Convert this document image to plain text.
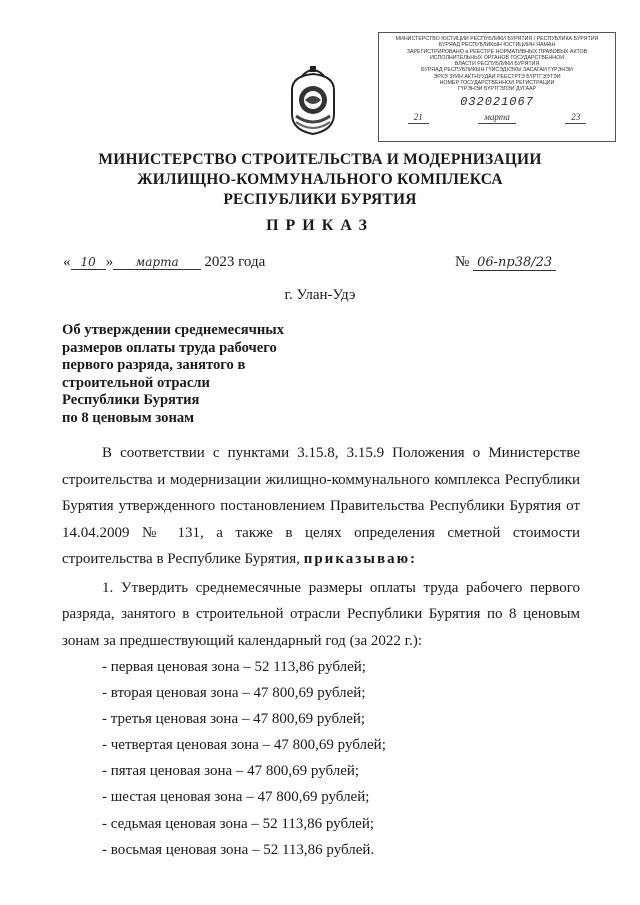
МИНИСТЕРСТВО ЮСТИЦИИ РЕСПУБЛИКИ БУРЯТИЯ / РЕСПУБЛИКА БУРЯТИЯ
БУРЯАД РЕСПУБЛИКЫН ЮСТИЦИИН ЯАМАН
ЗАРЕГИСТРИРОВАНО в РЕЕСТРЕ НОРМАТИВНЫХ ПРАВОВЫХ АКТОВ
ИСПОЛНИТЕЛЬНЫХ ОРГАНОВ ГОСУДАРСТВЕННОЙ
ВЛАСТИ РЕСПУБЛИКИ БУРЯТИЯ
БУРЯАД РЕСПУБЛИКЫН ГҮЙСЭДХЭХЫ ЗАСАГАЙ ГҮРЭНЭЙ
ЭРХЭ ЗҮЙН АКТНУУДАЙ РЕЕСТРТЭ БҮРТГЭЭТЭЙ
НОМЕР ГОСУДАРСТВЕННОЙ РЕГИСТРАЦИИ
ГҮРЭНЭЙ БҮРТГЭЛЭЙ ДУГААР
032021067
21	марта	23
МИНИСТЕРСТВО СТРОИТЕЛЬСТВА И МОДЕРНИЗАЦИИ
ЖИЛИЩНО-КОММУНАЛЬНОГО КОМПЛЕКСА
РЕСПУБЛИКИ БУРЯТИЯ
ПРИКАЗ
« 10 » марта 2023 года	№ 06-пр38/23
г. Улан-Удэ
Об утверждении среднемесячных
размеров оплаты труда рабочего
первого разряда, занятого в
строительной отрасли
Республики Бурятия
по 8 ценовым зонам

В соответствии с пунктами 3.15.8, 3.15.9 Положения о Министерстве строительства и модернизации жилищно-коммунального комплекса Республики Бурятия утвержденного постановлением Правительства Республики Бурятия от 14.04.2009 № 131, а также в целях определения сметной стоимости строительства в Республике Бурятия, приказываю:

1. Утвердить среднемесячные размеры оплаты труда рабочего первого разряда, занятого в строительной отрасли Республики Бурятия по 8 ценовым зонам за предшествующий календарный год (за 2022 г.):

- первая ценовая зона – 52 113,86 рублей;
- вторая ценовая зона – 47 800,69 рублей;
- третья ценовая зона – 47 800,69 рублей;
- четвертая ценовая зона – 47 800,69 рублей;
- пятая ценовая зона – 47 800,69 рублей;
- шестая ценовая зона – 47 800,69 рублей;
- седьмая ценовая зона – 52 113,86 рублей;
- восьмая ценовая зона – 52 113,86 рублей.
